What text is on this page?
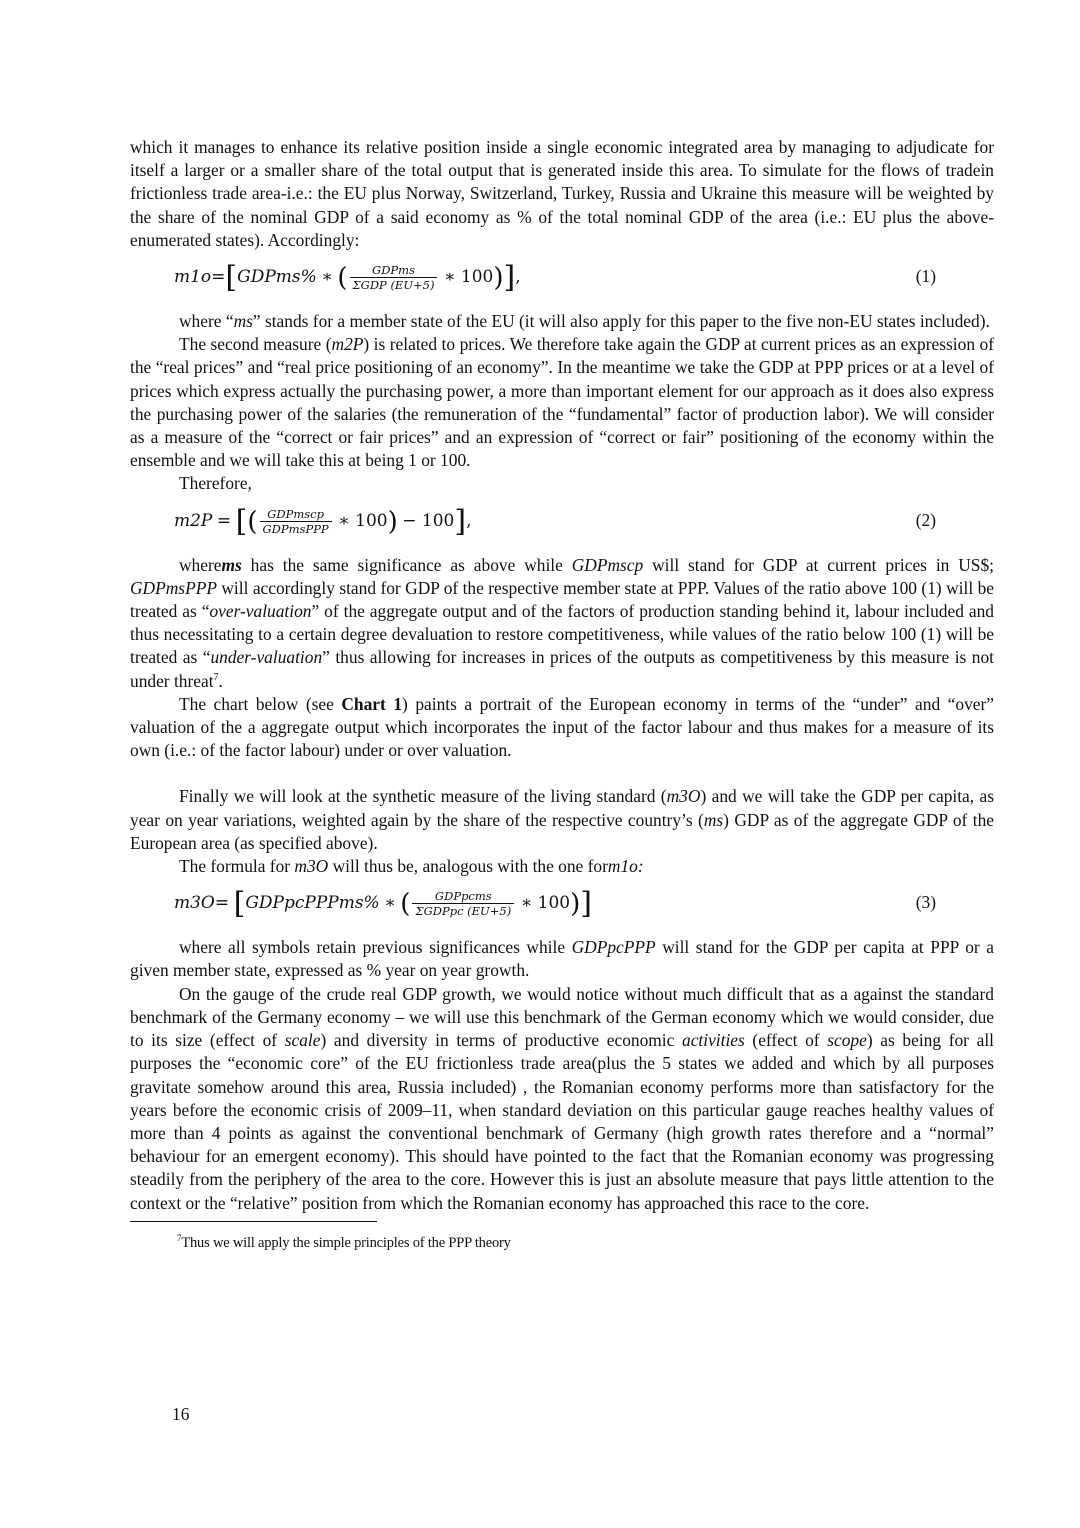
which it manages to enhance its relative position inside a single economic integrated area by managing to adjudicate for itself a larger or a smaller share of the total output that is generated inside this area. To simulate for the flows of tradein frictionless trade area-i.e.: the EU plus Norway, Switzerland, Turkey, Russia and Ukraine this measure will be weighted by the share of the nominal GDP of a said economy as % of the total nominal GDP of the area (i.e.: EU plus the above-enumerated states). Accordingly:

m1o=[GDPms% ∗ ( $\frac{\text{GDPms}}{\text{ΣGDP (EU+5)}}$ ∗ 100)],	(1)

where “ms” stands for a member state of the EU (it will also apply for this paper to the five non-EU states included).

The second measure (m2P) is related to prices. We therefore take again the GDP at current prices as an expression of the “real prices” and “real price positioning of an economy”. In the meantime we take the GDP at PPP prices or at a level of prices which express actually the purchasing power, a more than important element for our approach as it does also express the purchasing power of the salaries (the remuneration of the “fundamental” factor of production labor). We will consider as a measure of the “correct or fair prices” and an expression of “correct or fair” positioning of the economy within the ensemble and we will take this at being 1 or 100.

Therefore,

m2P = [( $\frac{\text{GDPmscp}}{\text{GDPmsPPP}}$ ∗ 100) − 100],	(2)

wherems has the same significance as above while GDPmscp will stand for GDP at current prices in US$; GDPmsPPP will accordingly stand for GDP of the respective member state at PPP. Values of the ratio above 100 (1) will be treated as “over-valuation” of the aggregate output and of the factors of production standing behind it, labour included and thus necessitating to a certain degree devaluation to restore competitiveness, while values of the ratio below 100 (1) will be treated as “under-valuation” thus allowing for increases in prices of the outputs as competitiveness by this measure is not under threat$^7$.

The chart below (see Chart 1) paints a portrait of the European economy in terms of the “under” and “over” valuation of the a aggregate output which incorporates the input of the factor labour and thus makes for a measure of its own (i.e.: of the factor labour) under or over valuation.

Finally we will look at the synthetic measure of the living standard (m3O) and we will take the GDP per capita, as year on year variations, weighted again by the share of the respective country’s (ms) GDP as of the aggregate GDP of the European area (as specified above).

The formula for m3O will thus be, analogous with the one form1o:

m3O= [GDPpcPPPms% ∗ ( $\frac{\text{GDPpcms}}{\text{ΣGDPpc (EU+5)}}$ ∗ 100)]	(3)

where all symbols retain previous significances while GDPpcPPP will stand for the GDP per capita at PPP or a given member state, expressed as % year on year growth.

On the gauge of the crude real GDP growth, we would notice without much difficult that as a against the standard benchmark of the Germany economy – we will use this benchmark of the German economy which we would consider, due to its size (effect of scale) and diversity in terms of productive economic activities (effect of scope) as being for all purposes the “economic core” of the EU frictionless trade area(plus the 5 states we added and which by all purposes gravitate somehow around this area, Russia included) , the Romanian economy performs more than satisfactory for the years before the economic crisis of 2009–11, when standard deviation on this particular gauge reaches healthy values of more than 4 points as against the conventional benchmark of Germany (high growth rates therefore and a “normal” behaviour for an emergent economy). This should have pointed to the fact that the Romanian economy was progressing steadily from the periphery of the area to the core. However this is just an absolute measure that pays little attention to the context or the “relative” position from which the Romanian economy has approached this race to the core.

$^7$Thus we will apply the simple principles of the PPP theory
16
